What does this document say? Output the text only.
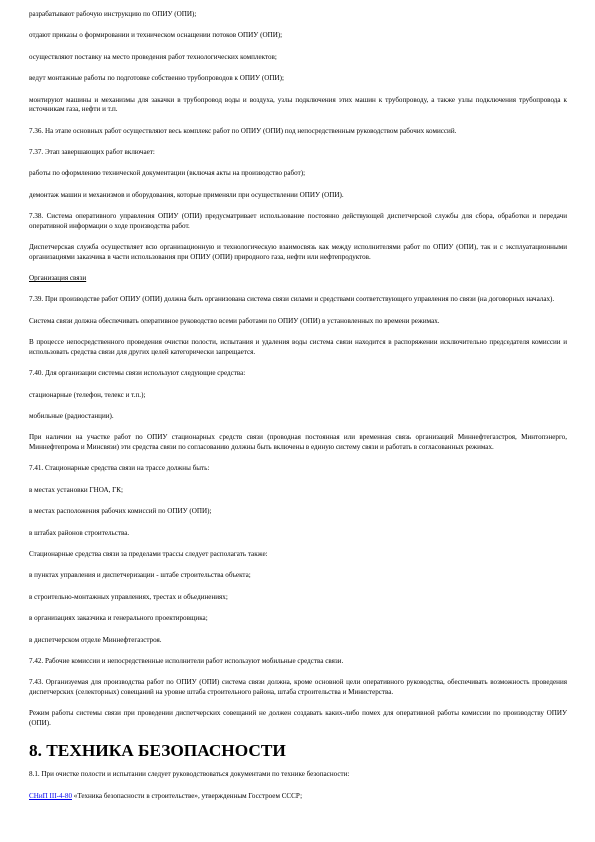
разрабатывают рабочую инструкцию по ОПИУ (ОПИ);

отдают приказы о формировании и техническом оснащении потоков ОПИУ (ОПИ);

осуществляют поставку на место проведения работ технологических комплектов;

ведут монтажные работы по подготовке собственно трубопроводов к ОПИУ (ОПИ);

монтируют машины и механизмы для закачки в трубопровод воды и воздуха, узлы подключения этих машин к трубопроводу, а также узлы подключения трубопровода к источникам газа, нефти и т.п.

7.36. На этапе основных работ осуществляют весь комплекс работ по ОПИУ (ОПИ) под непосредственным руководством рабочих комиссий.

7.37. Этап завершающих работ включает:

работы по оформлению технической документации (включая акты на производство работ);

демонтаж машин и механизмов и оборудования, которые применяли при осуществлении ОПИУ (ОПИ).

7.38. Система оперативного управления ОПИУ (ОПИ) предусматривает использование постоянно действующей диспетчерской службы для сбора, обработки и передачи оперативной информации о ходе производства работ.

Диспетчерская служба осуществляет всю организационную и технологическую взаимосвязь как между исполнителями работ по ОПИУ (ОПИ), так и с эксплуатационными организациями заказчика в части использования при ОПИУ (ОПИ) природного газа, нефти или нефтепродуктов.

Организация связи

7.39. При производстве работ ОПИУ (ОПИ) должна быть организована система связи силами и средствами соответствующего управления по связи (на договорных началах).

Система связи должна обеспечивать оперативное руководство всеми работами по ОПИУ (ОПИ) в установленных по времени режимах.

В процессе непосредственного проведения очистки полости, испытания и удаления воды система связи находится в распоряжении исключительно председателя комиссии и использовать средства связи для других целей категорически запрещается.

7.40. Для организации системы связи используют следующие средства:

стационарные (телефон, телекс и т.п.);

мобильные (радиостанции).

При наличии на участке работ по ОПИУ стационарных средств связи (проводная постоянная или временная связь организаций Миннефтегазстроя, Минтопэнерго, Миннефтепрома и Минсвязи) эти средства связи по согласованию должны быть включены в единую систему связи и работать в согласованных режимах.

7.41. Стационарные средства связи на трассе должны быть:

в местах установки ГНОА, ГК;

в местах расположения рабочих комиссий по ОПИУ (ОПИ);

в штабах районов строительства.

Стационарные средства связи за пределами трассы следует располагать также:

в пунктах управления и диспетчеризации - штабе строительства объекта;

в строительно-монтажных управлениях, трестах и объединениях;

в организациях заказчика и генерального проектировщика;

в диспетчерском отделе Миннефтегазстроя.

7.42. Рабочие комиссии и непосредственные исполнители работ используют мобильные средства связи.

7.43. Организуемая для производства работ по ОПИУ (ОПИ) система связи должна, кроме основной цели оперативного руководства, обеспечивать возможность проведения диспетчерских (селекторных) совещаний на уровне штаба строительного района, штаба строительства и Министерства.

Режим работы системы связи при проведении диспетчерских совещаний не должен создавать каких-либо помех для оперативной работы комиссии по производству ОПИУ (ОПИ).

8. ТЕХНИКА БЕЗОПАСНОСТИ

8.1. При очистке полости и испытании следует руководствоваться документами по технике безопасности:

СНиП III-4-80 «Техника безопасности в строительстве», утвержденным Госстроем СССР;
